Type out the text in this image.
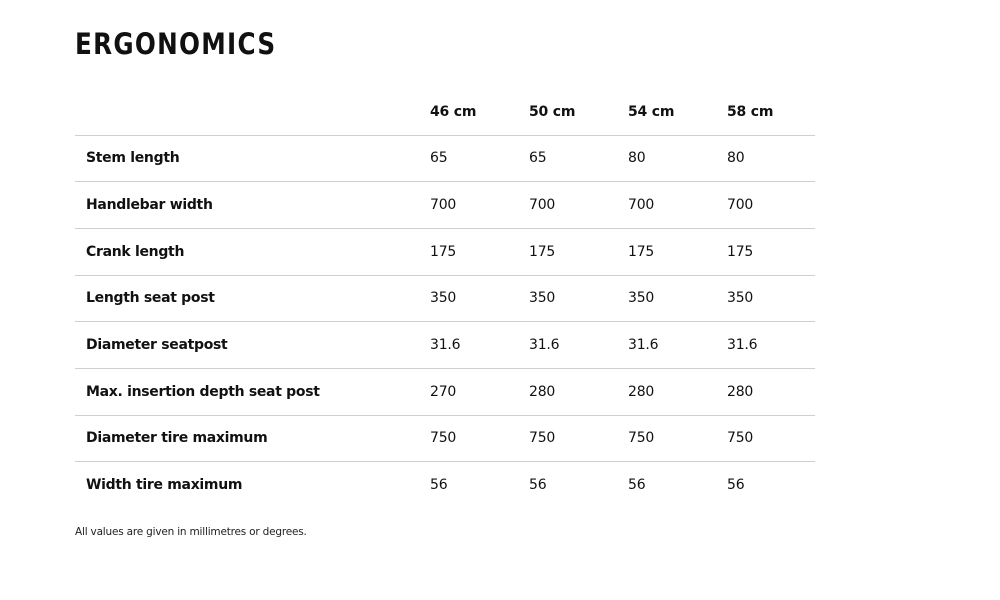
ERGONOMICS
	46 cm	50 cm	54 cm	58 cm
Stem length	65	65	80	80
Handlebar width	700	700	700	700
Crank length	175	175	175	175
Length seat post	350	350	350	350
Diameter seatpost	31.6	31.6	31.6	31.6
Max. insertion depth seat post	270	280	280	280
Diameter tire maximum	750	750	750	750
Width tire maximum	56	56	56	56

All values are given in millimetres or degrees.
